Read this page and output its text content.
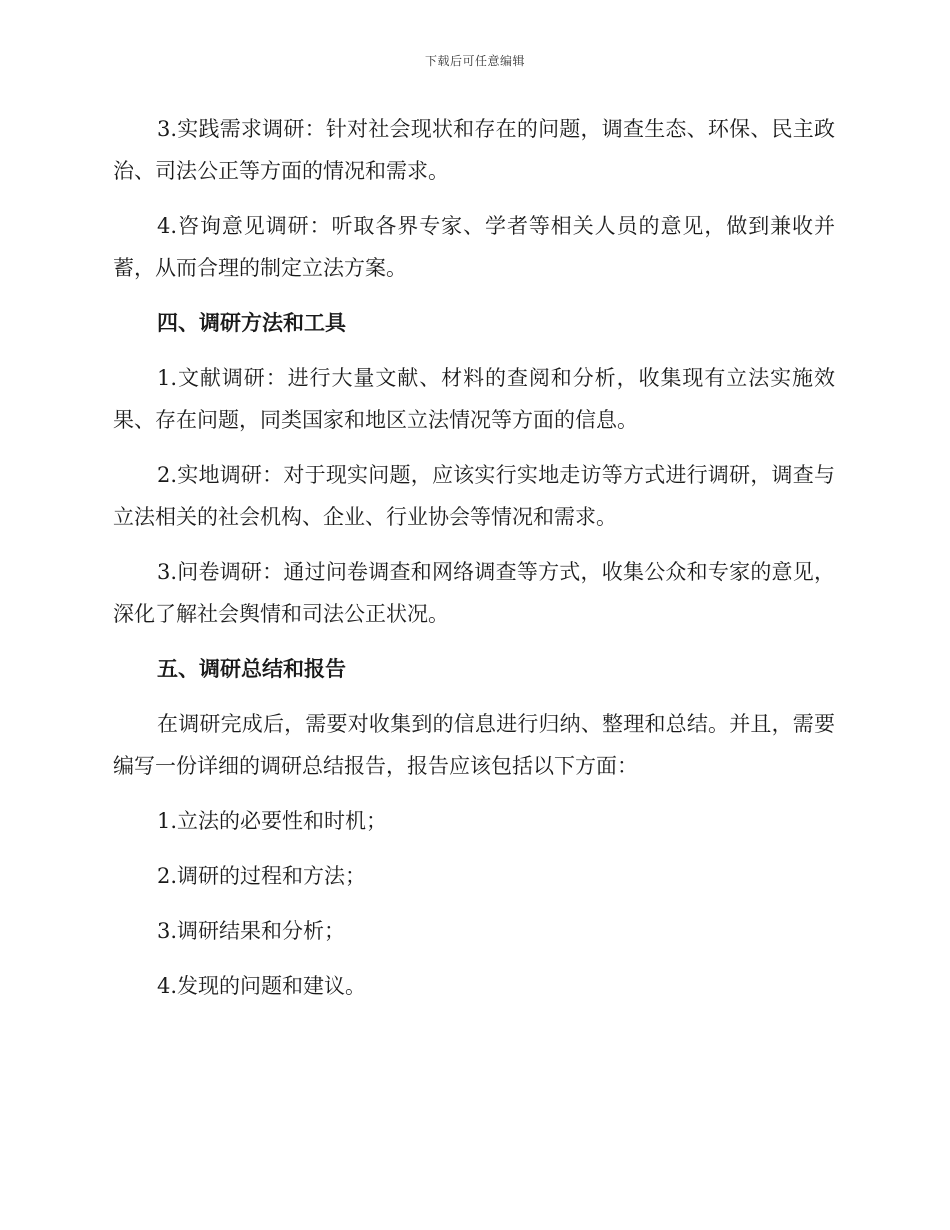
下载后可任意编辑

3.实践需求调研：针对社会现状和存在的问题，调查生态、环保、民主政治、司法公正等方面的情况和需求。

4.咨询意见调研：听取各界专家、学者等相关人员的意见，做到兼收并蓄，从而合理的制定立法方案。

四、调研方法和工具

1.文献调研：进行大量文献、材料的查阅和分析，收集现有立法实施效果、存在问题，同类国家和地区立法情况等方面的信息。

2.实地调研：对于现实问题，应该实行实地走访等方式进行调研，调查与立法相关的社会机构、企业、行业协会等情况和需求。

3.问卷调研：通过问卷调查和网络调查等方式，收集公众和专家的意见，深化了解社会舆情和司法公正状况。

五、调研总结和报告

在调研完成后，需要对收集到的信息进行归纳、整理和总结。并且，需要编写一份详细的调研总结报告，报告应该包括以下方面：

1.立法的必要性和时机；

2.调研的过程和方法；

3.调研结果和分析；

4.发现的问题和建议。
